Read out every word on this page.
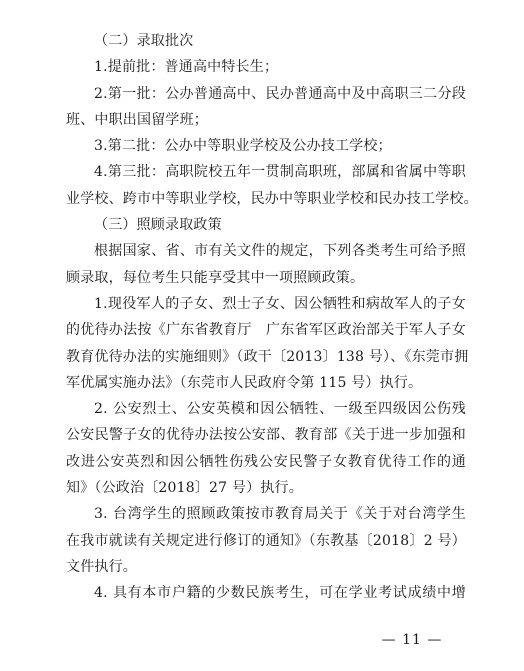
（二）录取批次
1.提前批：普通高中特长生；
2.第一批：公办普通高中、民办普通高中及中高职三二分段
班、中职出国留学班；
3.第二批：公办中等职业学校及公办技工学校；
4.第三批：高职院校五年一贯制高职班，部属和省属中等职
业学校、跨市中等职业学校，民办中等职业学校和民办技工学校。
（三）照顾录取政策
根据国家、省、市有关文件的规定，下列各类考生可给予照
顾录取，每位考生只能享受其中一项照顾政策。
1.现役军人的子女、烈士子女、因公牺牲和病故军人的子女
的优待办法按《广东省教育厅　广东省军区政治部关于军人子女
教育优待办法的实施细则》（政干〔2013〕138 号）、《东莞市拥
军优属实施办法》（东莞市人民政府令第 115 号）执行。
2. 公安烈士、公安英模和因公牺牲、一级至四级因公伤残
公安民警子女的优待办法按公安部、教育部《关于进一步加强和
改进公安英烈和因公牺牲伤残公安民警子女教育优待工作的通
知》（公政治〔2018〕27 号）执行。
3. 台湾学生的照顾政策按市教育局关于《关于对台湾学生
在我市就读有关规定进行修订的通知》（东教基〔2018〕2 号）
文件执行。
4. 具有本市户籍的少数民族考生，可在学业考试成绩中增
— 11 —
